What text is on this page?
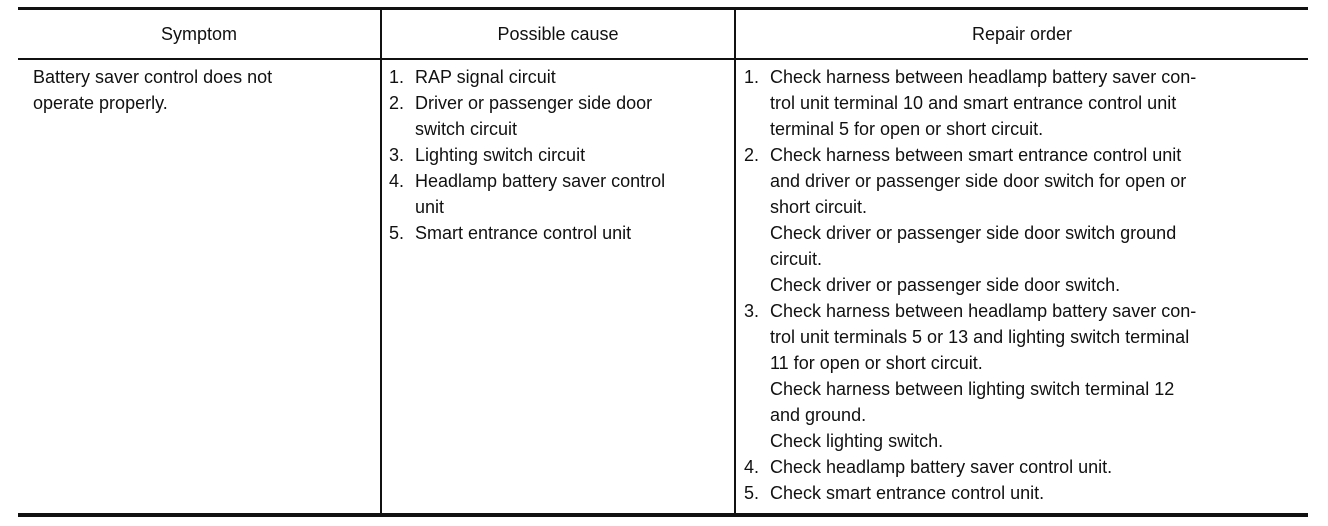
Symptom	Possible cause	Repair order
Battery saver control does not
operate properly.
1. RAP signal circuit
2. Driver or passenger side door
switch circuit
3. Lighting switch circuit
4. Headlamp battery saver control
unit
5. Smart entrance control unit
1. Check harness between headlamp battery saver con-
trol unit terminal 10 and smart entrance control unit
terminal 5 for open or short circuit.
2. Check harness between smart entrance control unit
and driver or passenger side door switch for open or
short circuit.
Check driver or passenger side door switch ground
circuit.
Check driver or passenger side door switch.
3. Check harness between headlamp battery saver con-
trol unit terminals 5 or 13 and lighting switch terminal
11 for open or short circuit.
Check harness between lighting switch terminal 12
and ground.
Check lighting switch.
4. Check headlamp battery saver control unit.
5. Check smart entrance control unit.
